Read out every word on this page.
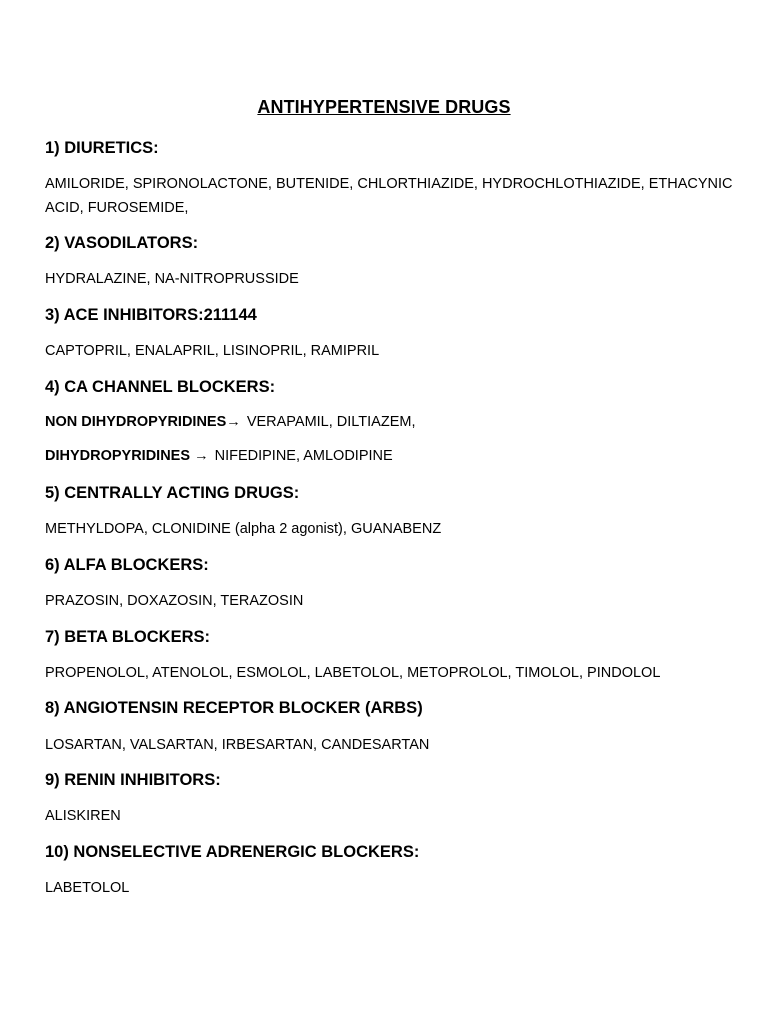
ANTIHYPERTENSIVE DRUGS
1) DIURETICS:
AMILORIDE, SPIRONOLACTONE, BUTENIDE, CHLORTHIAZIDE, HYDROCHLOTHIAZIDE, ETHACYNIC ACID, FUROSEMIDE,
2) VASODILATORS:
HYDRALAZINE, NA-NITROPRUSSIDE
3) ACE INHIBITORS:211144
CAPTOPRIL, ENALAPRIL, LISINOPRIL, RAMIPRIL
4) CA CHANNEL BLOCKERS:
NON DIHYDROPYRIDINES→ VERAPAMIL, DILTIAZEM,
DIHYDROPYRIDINES → NIFEDIPINE, AMLODIPINE
5) CENTRALLY ACTING DRUGS:
METHYLDOPA, CLONIDINE (alpha 2 agonist), GUANABENZ
6) ALFA BLOCKERS:
PRAZOSIN, DOXAZOSIN, TERAZOSIN
7) BETA BLOCKERS:
PROPENOLOL, ATENOLOL, ESMOLOL, LABETOLOL, METOPROLOL, TIMOLOL, PINDOLOL
8) ANGIOTENSIN RECEPTOR BLOCKER (ARBS)
LOSARTAN, VALSARTAN, IRBESARTAN, CANDESARTAN
9) RENIN INHIBITORS:
ALISKIREN
10) NONSELECTIVE ADRENERGIC BLOCKERS:
LABETOLOL
